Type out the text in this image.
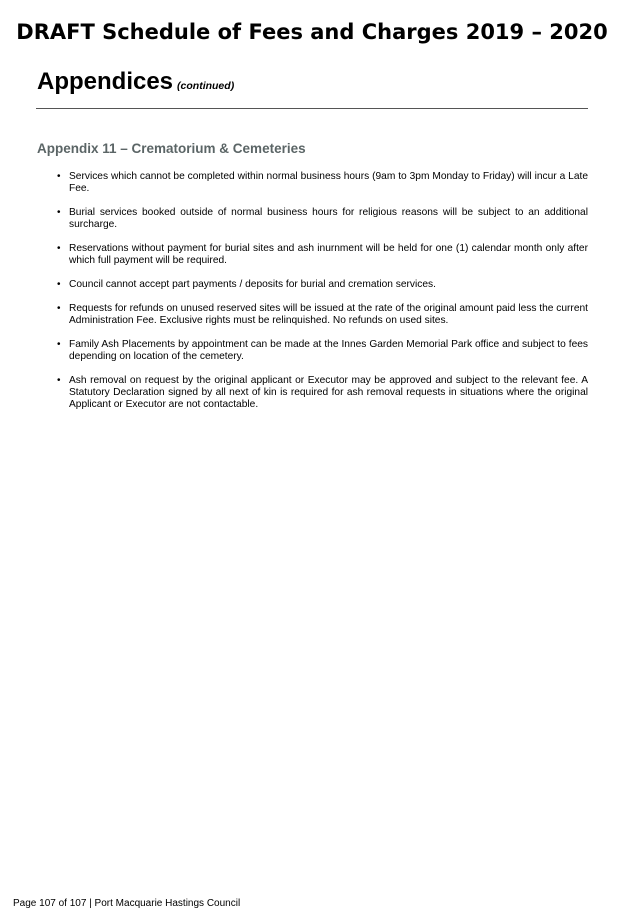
DRAFT Schedule of Fees and Charges 2019 – 2020
Appendices (continued)
Appendix 11 – Crematorium & Cemeteries
• Services which cannot be completed within normal business hours (9am to 3pm Monday to Friday) will incur a Late Fee.
• Burial services booked outside of normal business hours for religious reasons will be subject to an additional surcharge.
• Reservations without payment for burial sites and ash inurnment will be held for one (1) calendar month only after which full payment will be required.
• Council cannot accept part payments / deposits for burial and cremation services.
• Requests for refunds on unused reserved sites will be issued at the rate of the original amount paid less the current Administration Fee. Exclusive rights must be relinquished. No refunds on used sites.
• Family Ash Placements by appointment can be made at the Innes Garden Memorial Park office and subject to fees depending on location of the cemetery.
• Ash removal on request by the original applicant or Executor may be approved and subject to the relevant fee. A Statutory Declaration signed by all next of kin is required for ash removal requests in situations where the original Applicant or Executor are not contactable.

Page 107 of 107 | Port Macquarie Hastings Council
